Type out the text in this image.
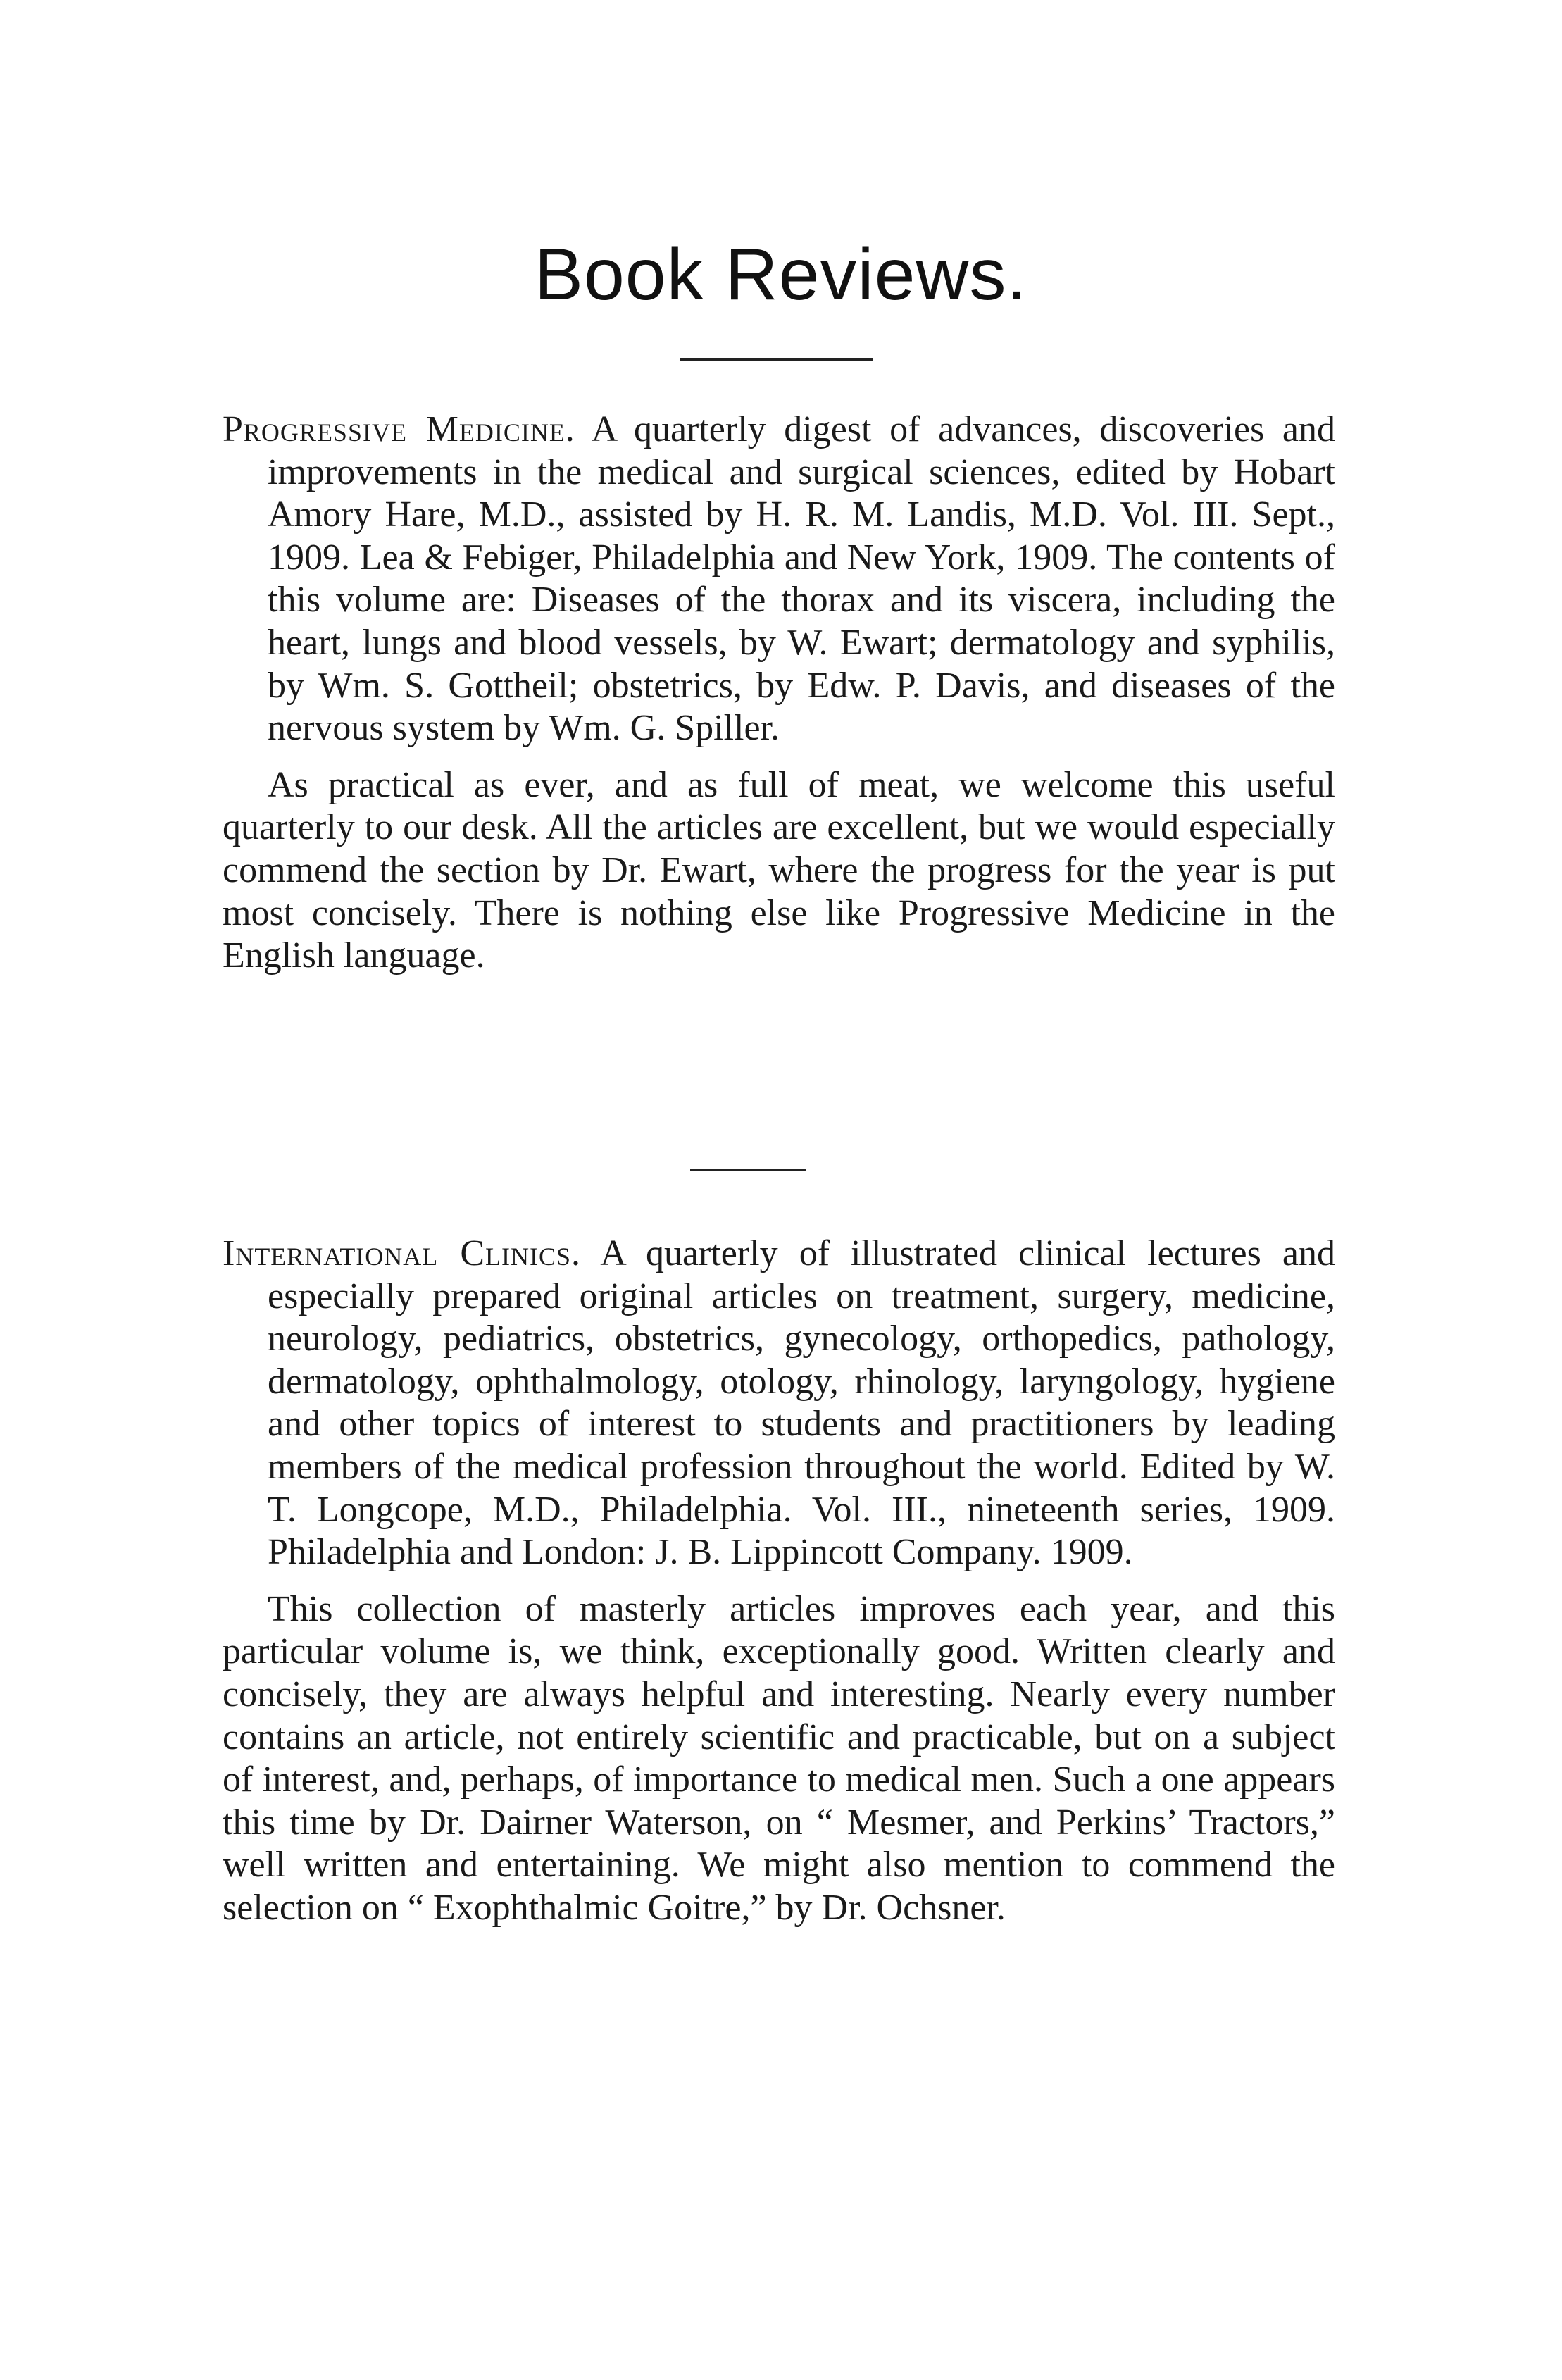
Book Reviews.

Progressive Medicine. A quarterly digest of advances, discoveries and improvements in the medical and surgical sciences, edited by Hobart Amory Hare, M.D., assisted by H. R. M. Landis, M.D. Vol. III. Sept., 1909. Lea & Febiger, Philadelphia and New York, 1909. The contents of this volume are: Diseases of the thorax and its viscera, including the heart, lungs and blood vessels, by W. Ewart; dermatology and syphilis, by Wm. S. Gottheil; obstetrics, by Edw. P. Davis, and diseases of the nervous system by Wm. G. Spiller.

As practical as ever, and as full of meat, we welcome this useful quarterly to our desk. All the articles are excellent, but we would especially commend the section by Dr. Ewart, where the progress for the year is put most concisely. There is nothing else like Progressive Medicine in the English language.

International Clinics. A quarterly of illustrated clinical lectures and especially prepared original articles on treatment, surgery, medicine, neurology, pediatrics, obstetrics, gynecology, orthopedics, pathology, dermatology, ophthalmology, otology, rhinology, laryngology, hygiene and other topics of interest to students and practitioners by leading members of the medical profession throughout the world. Edited by W. T. Longcope, M.D., Philadelphia. Vol. III., nineteenth series, 1909. Philadelphia and London: J. B. Lippincott Company. 1909.

This collection of masterly articles improves each year, and this particular volume is, we think, exceptionally good. Written clearly and concisely, they are always helpful and interesting. Nearly every number contains an article, not entirely scientific and practicable, but on a subject of interest, and, perhaps, of importance to medical men. Such a one appears this time by Dr. Dairner Waterson, on “ Mesmer, and Perkins’ Tractors,” well written and entertaining. We might also mention to commend the selection on “ Exophthalmic Goitre,” by Dr. Ochsner.
